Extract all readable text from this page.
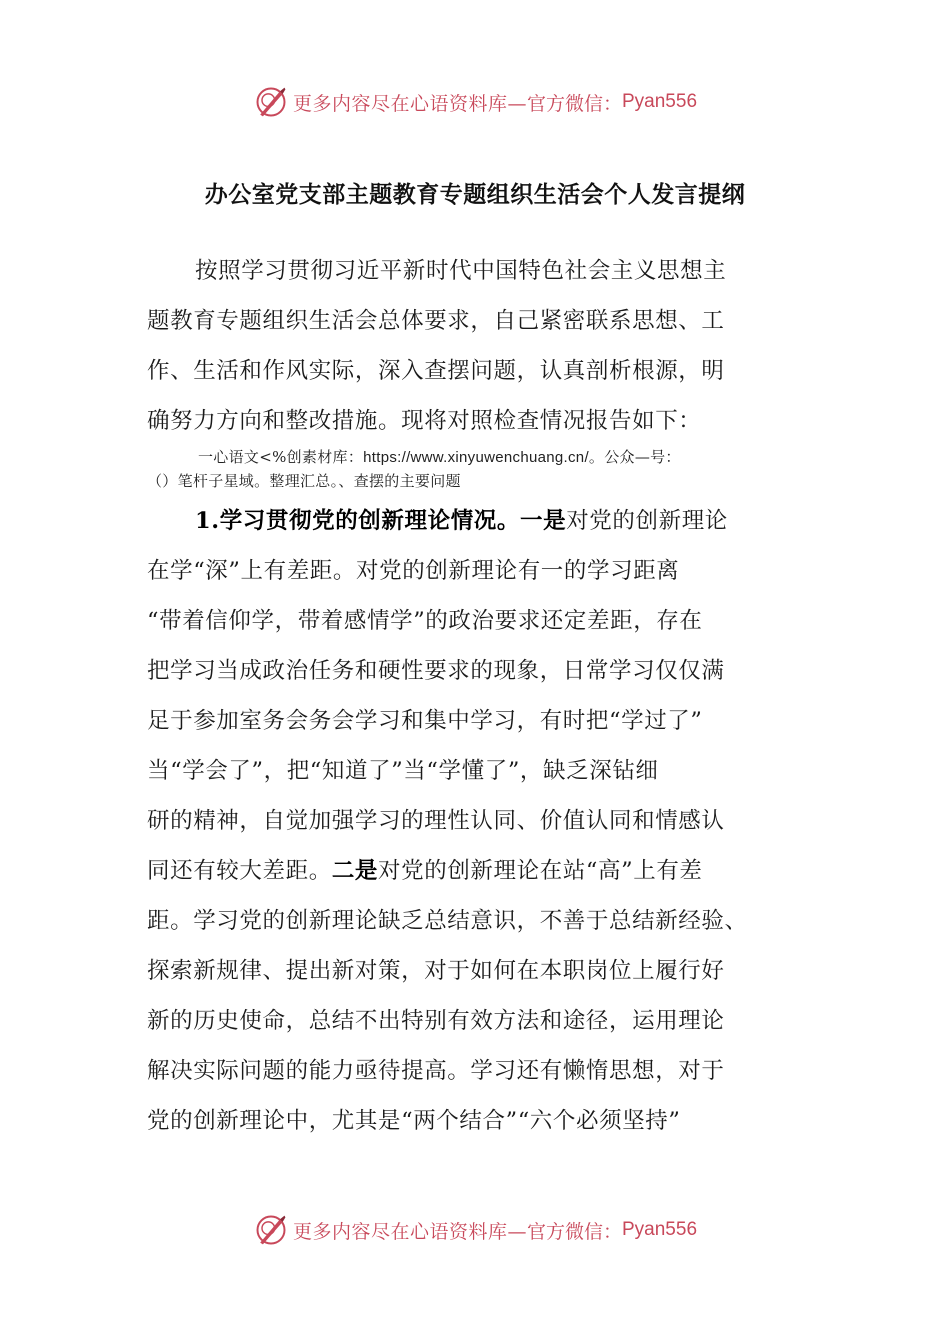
更多内容尽在心语资料库— 官方微信： Pyan556
办公室党支部主题教育专题组织生活会个人发言提纲
按照学习贯彻习近平新时代中国特色社会主义思想主
题教育专题组织生活会总体要求，自己紧密联系思想、工
作、生活和作风实际，深入查摆问题，认真剖析根源，明
确努力方向和整改措施。现将对照检查情况报告如下：
一心语文<%创素材库：https://www.xinyuwenchuang.cn/。公众—号：
（）笔杆子星域。整理汇总。、查摆的主要问题
1.学习贯彻党的创新理论情况。一是对党的创新理论
在学“深”上有差距。对党的创新理论有一的学习距离
“带着信仰学，带着感情学”的政治要求还定差距，存在
把学习当成政治任务和硬性要求的现象，日常学习仅仅满
足于参加室务会务会学习和集中学习，有时把“学过了”
当“学会了”，把“知道了”当“学懂了”，缺乏深钻细
研的精神，自觉加强学习的理性认同、价值认同和情感认
同还有较大差距。二是对党的创新理论在站“高”上有差
距。学习党的创新理论缺乏总结意识，不善于总结新经验、
探索新规律、提出新对策，对于如何在本职岗位上履行好
新的历史使命，总结不出特别有效方法和途径，运用理论
解决实际问题的能力亟待提高。学习还有懒惰思想，对于
党的创新理论中，尤其是“两个结合”“六个必须坚持”
更多内容尽在心语资料库— 官方微信： Pyan556
